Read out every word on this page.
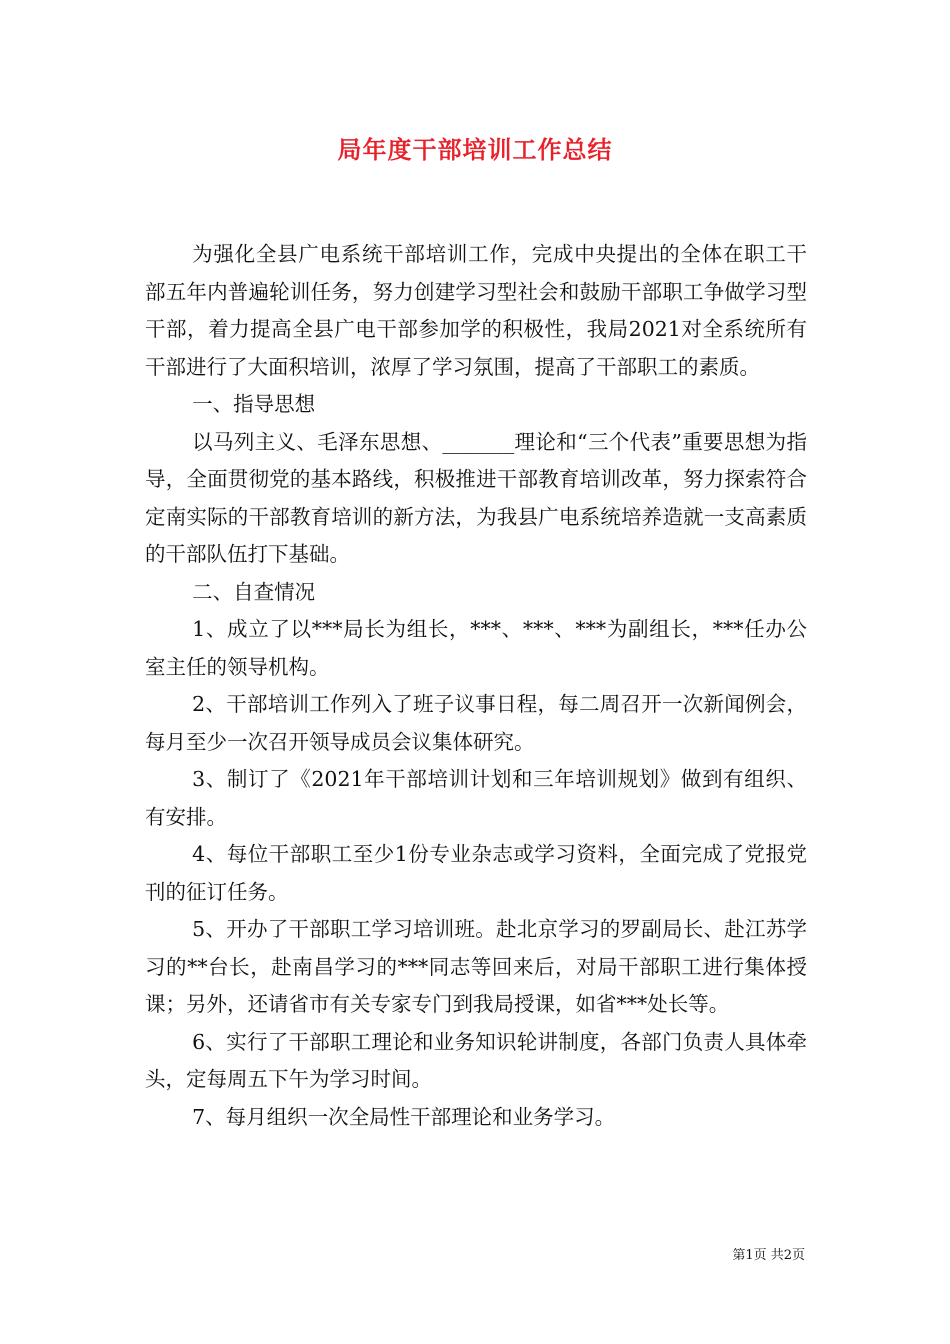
局年度干部培训工作总结

为强化全县广电系统干部培训工作，完成中央提出的全体在职工干部五年内普遍轮训任务，努力创建学习型社会和鼓励干部职工争做学习型干部，着力提高全县广电干部参加学的积极性，我局2021对全系统所有干部进行了大面积培训，浓厚了学习氛围，提高了干部职工的素质。

一、指导思想

以马列主义、毛泽东思想、_______理论和“三个代表”重要思想为指导，全面贯彻党的基本路线，积极推进干部教育培训改革，努力探索符合定南实际的干部教育培训的新方法，为我县广电系统培养造就一支高素质的干部队伍打下基础。

二、自查情况

1、成立了以***局长为组长，***、***、***为副组长，***任办公室主任的领导机构。

2、干部培训工作列入了班子议事日程，每二周召开一次新闻例会，每月至少一次召开领导成员会议集体研究。

3、制订了《2021年干部培训计划和三年培训规划》做到有组织、有安排。

4、每位干部职工至少1份专业杂志或学习资料，全面完成了党报党刊的征订任务。

5、开办了干部职工学习培训班。赴北京学习的罗副局长、赴江苏学习的**台长，赴南昌学习的***同志等回来后，对局干部职工进行集体授课；另外，还请省市有关专家专门到我局授课，如省***处长等。

6、实行了干部职工理论和业务知识轮讲制度，各部门负责人具体牵头，定每周五下午为学习时间。

7、每月组织一次全局性干部理论和业务学习。

第1页 共2页
